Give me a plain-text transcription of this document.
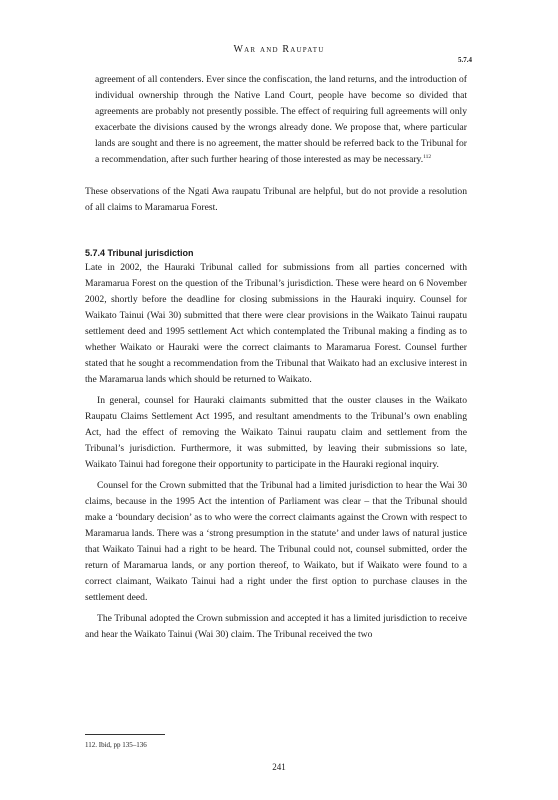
War and Raupatu
5.7.4

agreement of all contenders. Ever since the confiscation, the land returns, and the introduction of individual ownership through the Native Land Court, people have become so divided that agreements are probably not presently possible. The effect of requiring full agreements will only exacerbate the divisions caused by the wrongs already done. We propose that, where particular lands are sought and there is no agreement, the matter should be referred back to the Tribunal for a recommendation, after such further hearing of those interested as may be necessary.$^{112}$

These observations of the Ngati Awa raupatu Tribunal are helpful, but do not provide a resolution of all claims to Maramarua Forest.

5.7.4 Tribunal jurisdiction

Late in 2002, the Hauraki Tribunal called for submissions from all parties concerned with Maramarua Forest on the question of the Tribunal’s jurisdiction. These were heard on 6 November 2002, shortly before the deadline for closing submissions in the Hauraki inquiry. Counsel for Waikato Tainui (Wai 30) submitted that there were clear provisions in the Waikato Tainui raupatu settlement deed and 1995 settlement Act which contemplated the Tribunal making a finding as to whether Waikato or Hauraki were the correct claimants to Maramarua Forest. Counsel further stated that he sought a recommendation from the Tribunal that Waikato had an exclusive interest in the Maramarua lands which should be returned to Waikato.

In general, counsel for Hauraki claimants submitted that the ouster clauses in the Waikato Raupatu Claims Settlement Act 1995, and resultant amendments to the Tribunal’s own enabling Act, had the effect of removing the Waikato Tainui raupatu claim and settlement from the Tribunal’s jurisdiction. Furthermore, it was submitted, by leaving their submissions so late, Waikato Tainui had foregone their opportunity to participate in the Hauraki regional inquiry.

Counsel for the Crown submitted that the Tribunal had a limited jurisdiction to hear the Wai 30 claims, because in the 1995 Act the intention of Parliament was clear – that the Tribunal should make a ‘boundary decision’ as to who were the correct claimants against the Crown with respect to Maramarua lands. There was a ‘strong presumption in the statute’ and under laws of natural justice that Waikato Tainui had a right to be heard. The Tribunal could not, counsel submitted, order the return of Maramarua lands, or any portion thereof, to Waikato, but if Waikato were found to a correct claimant, Waikato Tainui had a right under the first option to purchase clauses in the settlement deed.

The Tribunal adopted the Crown submission and accepted it has a limited jurisdiction to receive and hear the Waikato Tainui (Wai 30) claim. The Tribunal received the two

112. Ibid, pp 135–136
241
